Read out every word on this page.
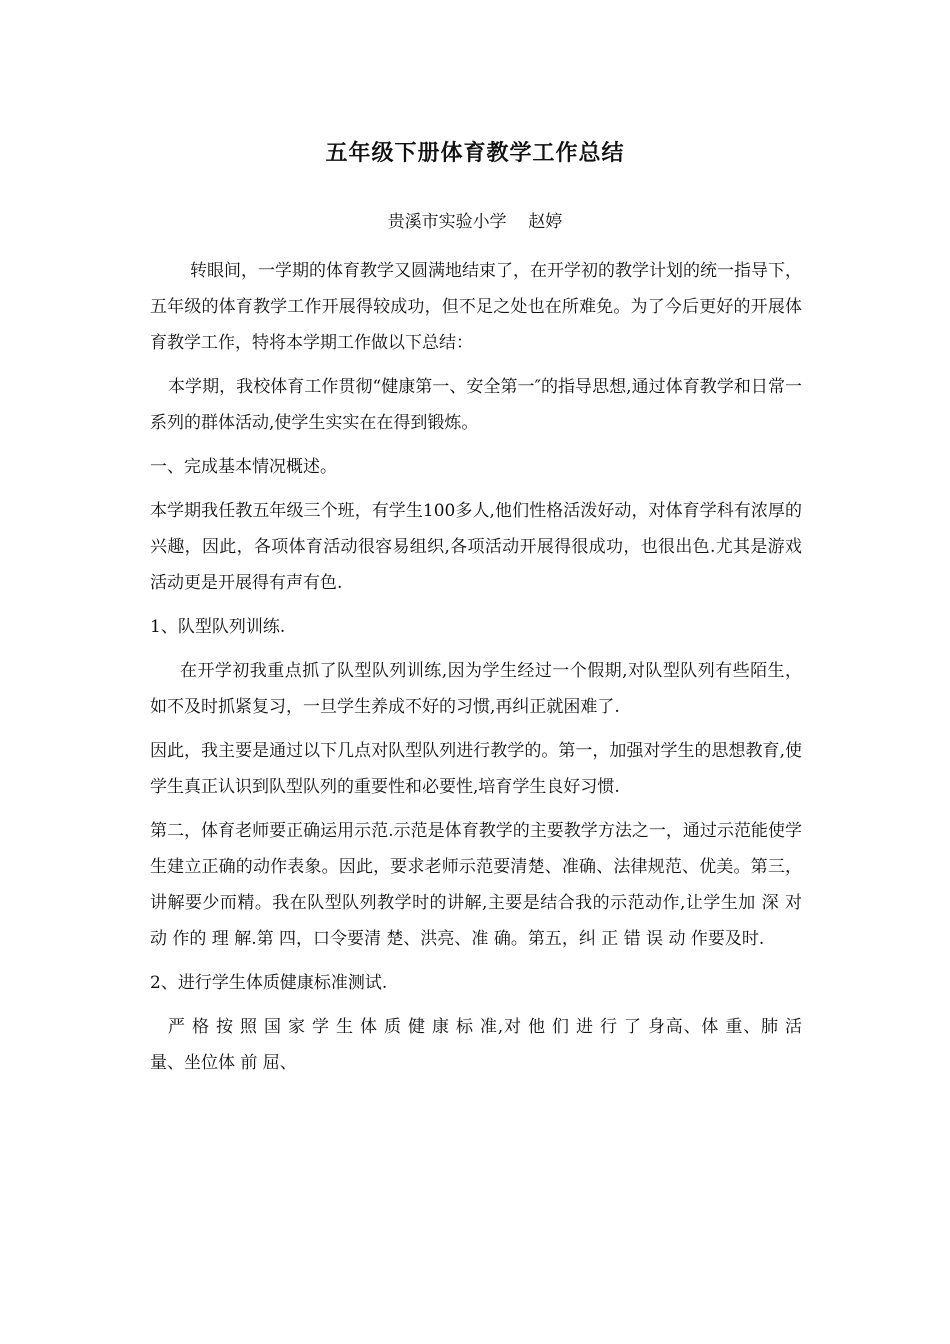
五年级下册体育教学工作总结
贵溪市实验小学    赵婷

转眼间，一学期的体育教学又圆满地结束了，在开学初的教学计划的统一指导下，五年级的体育教学工作开展得较成功，但不足之处也在所难免。为了今后更好的开展体育教学工作，特将本学期工作做以下总结：

本学期，我校体育工作贯彻“健康第一、安全第一″的指导思想,通过体育教学和日常一系列的群体活动,使学生实实在在得到锻炼。

一、完成基本情况概述。

本学期我任教五年级三个班，有学生100多人,他们性格活泼好动，对体育学科有浓厚的兴趣，因此，各项体育活动很容易组织,各项活动开展得很成功，也很出色.尤其是游戏活动更是开展得有声有色.

1、队型队列训练.

在开学初我重点抓了队型队列训练,因为学生经过一个假期,对队型队列有些陌生，如不及时抓紧复习，一旦学生养成不好的习惯,再纠正就困难了.

因此，我主要是通过以下几点对队型队列进行教学的。第一，加强对学生的思想教育,使学生真正认识到队型队列的重要性和必要性,培育学生良好习惯.

第二，体育老师要正确运用示范.示范是体育教学的主要教学方法之一，通过示范能使学生建立正确的动作表象。因此，要求老师示范要清楚、准确、法律规范、优美。第三，讲解要少而精。我在队型队列教学时的讲解,主要是结合我的示范动作,让学生加 深 对 动 作的 理 解.第 四，口令要清 楚、洪亮、准 确。第五，纠 正 错 误 动 作要及时.

2、进行学生体质健康标准测试.

严 格 按 照 国 家 学 生 体 质 健 康 标 准,对 他 们 进 行 了 身高、体 重、肺 活 量、坐位体 前 屈、
